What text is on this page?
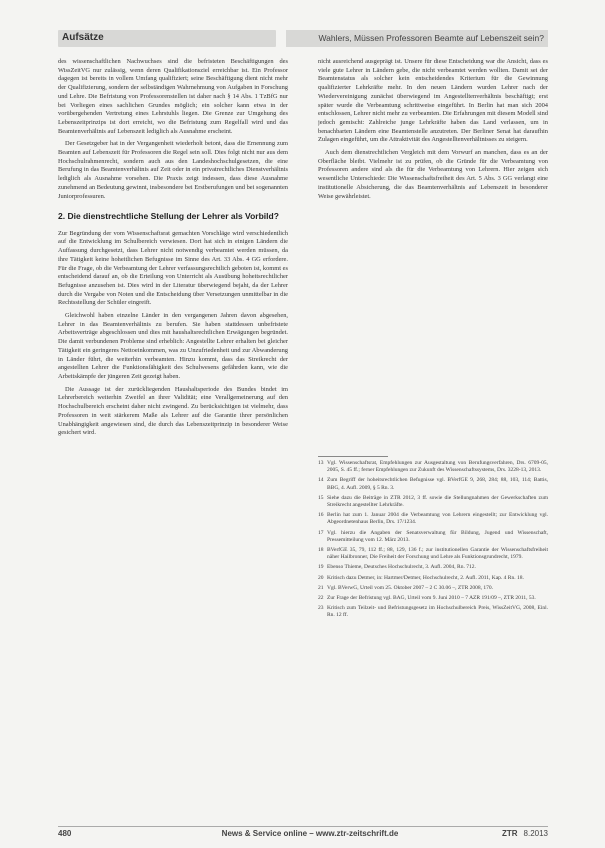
Aufsätze	Wahlers, Müssen Professoren Beamte auf Lebenszeit sein?

des wissenschaftlichen Nachwuchses sind die befristeten Beschäftigungen des WissZeitVG nur zulässig, wenn deren Qualifikationsziel erreichbar ist. Ein Professor dagegen ist bereits in vollem Umfang qualifiziert; seine Beschäftigung dient nicht mehr der Qualifizierung, sondern der selbständigen Wahrnehmung von Aufgaben in Forschung und Lehre. Die Befristung von Professorenstellen ist daher nach § 14 Abs. 1 TzBfG nur bei Vorliegen eines sachlichen Grundes möglich; ein solcher kann etwa in der vorübergehenden Vertretung eines Lehrstuhls liegen. Die Grenze zur Umgehung des Lebenszeitprinzips ist dort erreicht, wo die Befristung zum Regelfall wird und das Beamtenverhältnis auf Lebenszeit lediglich als Ausnahme erscheint.

Der Gesetzgeber hat in der Vergangenheit wiederholt betont, dass die Ernennung zum Beamten auf Lebenszeit für Professoren die Regel sein soll. Dies folgt nicht nur aus dem Hochschulrahmenrecht, sondern auch aus den Landeshochschulgesetzen, die eine Berufung in das Beamtenverhältnis auf Zeit oder in ein privatrechtliches Dienstverhältnis lediglich als Ausnahme vorsehen. Die Praxis zeigt indessen, dass diese Ausnahme zunehmend an Bedeutung gewinnt, insbesondere bei Erstberufungen und bei sogenannten Juniorprofessuren.

2. Die dienstrechtliche Stellung der Lehrer als Vorbild?

Zur Begründung der vom Wissenschaftsrat gemachten Vorschläge wird verschiedentlich auf die Entwicklung im Schulbereich verwiesen. Dort hat sich in einigen Ländern die Auffassung durchgesetzt, dass Lehrer nicht notwendig verbeamtet werden müssen, da ihre Tätigkeit keine hoheitlichen Befugnisse im Sinne des Art. 33 Abs. 4 GG erfordere. Für die Frage, ob die Verbeamtung der Lehrer verfassungsrechtlich geboten ist, kommt es entscheidend darauf an, ob die Erteilung von Unterricht als Ausübung hoheitsrechtlicher Befugnisse anzusehen ist. Dies wird in der Literatur überwiegend bejaht, da der Lehrer durch die Vergabe von Noten und die Entscheidung über Versetzungen unmittelbar in die Rechtsstellung der Schüler eingreift.

Gleichwohl haben einzelne Länder in den vergangenen Jahren davon abgesehen, Lehrer in das Beamtenverhältnis zu berufen. Sie haben stattdessen unbefristete Arbeitsverträge abgeschlossen und dies mit haushaltsrechtlichen Erwägungen begründet. Die damit verbundenen Probleme sind erheblich: Angestellte Lehrer erhalten bei gleicher Tätigkeit ein geringeres Nettoeinkommen, was zu Unzufriedenheit und zur Abwanderung in Länder führt, die weiterhin verbeamten. Hinzu kommt, dass das Streikrecht der angestellten Lehrer die Funktionsfähigkeit des Schulwesens gefährden kann, wie die Arbeitskämpfe der jüngeren Zeit gezeigt haben.

Die Aussage ist der zurückliegenden Haushaltsperiode des Bundes bindet im Lehrerbereich weiterhin Zweifel an ihrer Validität; eine Verallgemeinerung auf den Hochschulbereich erscheint daher nicht zwingend. Zu berücksichtigen ist vielmehr, dass Professoren in weit stärkerem Maße als Lehrer auf die Garantie ihrer persönlichen Unabhängigkeit angewiesen sind, die durch das Lebenszeitprinzip in besonderer Weise gesichert wird.

nicht ausreichend ausgeprägt ist. Unsere für diese Entscheidung war die Ansicht, dass es viele gute Lehrer in Ländern gebe, die nicht verbeamtet werden wollten. Damit sei der Beamtenstatus als solcher kein entscheidendes Kriterium für die Gewinnung qualifizierter Lehrkräfte mehr. In den neuen Ländern wurden Lehrer nach der Wiedervereinigung zunächst überwiegend im Angestelltenverhältnis beschäftigt; erst später wurde die Verbeamtung schrittweise eingeführt. In Berlin hat man sich 2004 entschlossen, Lehrer nicht mehr zu verbeamten. Die Erfahrungen mit diesem Modell sind jedoch gemischt: Zahlreiche junge Lehrkräfte haben das Land verlassen, um in benachbarten Ländern eine Beamtenstelle anzutreten. Der Berliner Senat hat daraufhin Zulagen eingeführt, um die Attraktivität des Angestelltenverhältnisses zu steigern.

Auch dem dienstrechtlichen Vergleich mit dem Vorwurf an manchen, dass es an der Oberfläche bleibt. Vielmehr ist zu prüfen, ob die Gründe für die Verbeamtung von Professoren andere sind als die für die Verbeamtung von Lehrern. Hier zeigen sich wesentliche Unterschiede: Die Wissenschaftsfreiheit des Art. 5 Abs. 3 GG verlangt eine institutionelle Absicherung, die das Beamtenverhältnis auf Lebenszeit in besonderer Weise gewährleistet.

13 Vgl. Wissenschaftsrat, Empfehlungen zur Ausgestaltung von Berufungsverfahren, Drs. 6709-05, 2005, S. 45 ff.; ferner Empfehlungen zur Zukunft des Wissenschaftssystems, Drs. 3228-13, 2013.
14 Zum Begriff der hoheitsrechtlichen Befugnisse vgl. BVerfGE 9, 268, 284; 88, 103, 114; Battis, BBG, 4. Aufl. 2009, § 5 Rn. 3.
15 Siehe dazu die Beiträge in ZTR 2012, 3 ff. sowie die Stellungnahmen der Gewerkschaften zum Streikrecht angestellter Lehrkräfte.
16 Berlin hat zum 1. Januar 2004 die Verbeamtung von Lehrern eingestellt; zur Entwicklung vgl. Abgeordnetenhaus Berlin, Drs. 17/1234.
17 Vgl. hierzu die Angaben der Senatsverwaltung für Bildung, Jugend und Wissenschaft, Pressemitteilung vom 12. März 2013.
18 BVerfGE 35, 79, 112 ff.; 88, 129, 136 f.; zur institutionellen Garantie der Wissenschaftsfreiheit näher Hailbronner, Die Freiheit der Forschung und Lehre als Funktionsgrundrecht, 1979.
19 Ebenso Thieme, Deutsches Hochschulrecht, 3. Aufl. 2004, Rn. 712.
20 Kritisch dazu Detmer, in: Hartmer/Detmer, Hochschulrecht, 2. Aufl. 2011, Kap. 4 Rn. 18.
21 Vgl. BVerwG, Urteil vom 25. Oktober 2007 – 2 C 30.06 –, ZTR 2008, 170.
22 Zur Frage der Befristung vgl. BAG, Urteil vom 9. Juni 2010 – 7 AZR 191/09 –, ZTR 2011, 53.
23 Kritisch zum Teilzeit- und Befristungsgesetz im Hochschulbereich Preis, WissZeitVG, 2008, Einl. Rn. 12 ff.
480	News & Service online – www.ztr-zeitschrift.de	ZTR 8.2013
